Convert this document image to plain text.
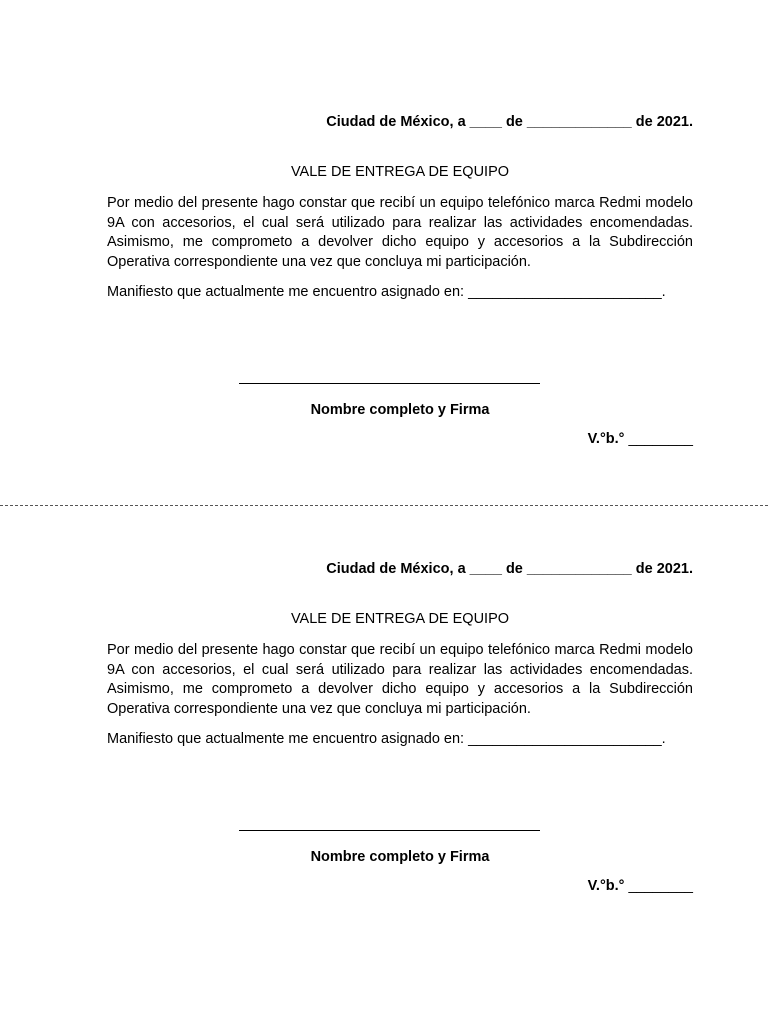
Ciudad de México, a ____ de _____________ de 2021.
VALE DE ENTREGA DE EQUIPO
Por medio del presente hago constar que recibí un equipo telefónico marca Redmi modelo 9A con accesorios, el cual será utilizado para realizar las actividades encomendadas. Asimismo, me comprometo a devolver dicho equipo y accesorios a la Subdirección Operativa correspondiente una vez que concluya mi participación.
Manifiesto que actualmente me encuentro asignado en: ________________________.
Nombre completo y Firma
V.°b.° ________
Ciudad de México, a ____ de _____________ de 2021.
VALE DE ENTREGA DE EQUIPO
Por medio del presente hago constar que recibí un equipo telefónico marca Redmi modelo 9A con accesorios, el cual será utilizado para realizar las actividades encomendadas. Asimismo, me comprometo a devolver dicho equipo y accesorios a la Subdirección Operativa correspondiente una vez que concluya mi participación.
Manifiesto que actualmente me encuentro asignado en: ________________________.
Nombre completo y Firma
V.°b.° ________
